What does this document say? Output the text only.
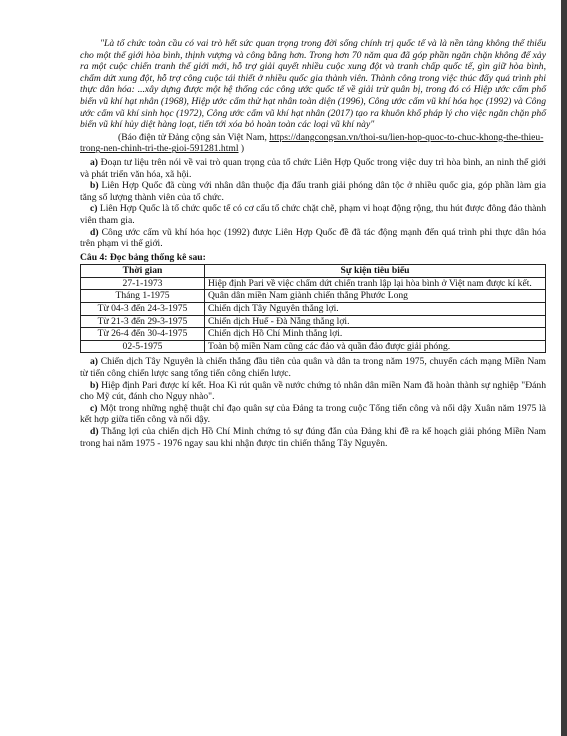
"Là tổ chức toàn cầu có vai trò hết sức quan trọng trong đời sống chính trị quốc tế và là nền tảng không thể thiếu cho một thế giới hòa bình, thịnh vượng và công bằng hơn. Trong hơn 70 năm qua đã góp phần ngăn chặn không để xảy ra một cuộc chiến tranh thế giới mới, hỗ trợ giải quyết nhiều cuộc xung đột và tranh chấp quốc tế, gìn giữ hòa bình, chấm dứt xung đột, hỗ trợ công cuộc tái thiết ở nhiều quốc gia thành viên. Thành công trong việc thúc đẩy quá trình phi thực dân hóa: ...xây dựng được một hệ thống các công ước quốc tế về giải trừ quân bị, trong đó có Hiệp ước cấm phổ biến vũ khí hạt nhân (1968), Hiệp ước cấm thử hạt nhân toàn diện (1996), Công ước cấm vũ khí hóa học (1992) và Công ước cấm vũ khí sinh học (1972), Công ước cấm vũ khí hạt nhân (2017) tạo ra khuôn khổ pháp lý cho việc ngăn chặn phổ biến vũ khí hủy diệt hàng loạt, tiến tới xóa bỏ hoàn toàn các loại vũ khí này"

(Báo điện tử Đảng cộng sản Việt Nam, https://dangcongsan.vn/thoi-su/lien-hop-quoc-to-chuc-khong-the-thieu-trong-nen-chinh-tri-the-gioi-591281.html )

a) Đoạn tư liệu trên nói về vai trò quan trọng của tổ chức Liên Hợp Quốc trong việc duy trì hòa bình, an ninh thế giới và phát triển văn hóa, xã hội.

b) Liên Hợp Quốc đã cùng với nhân dân thuộc địa đấu tranh giải phóng dân tộc ở nhiều quốc gia, góp phần làm gia tăng số lượng thành viên của tổ chức.

c) Liên Hợp Quốc là tổ chức quốc tế có cơ cấu tổ chức chặt chẽ, phạm vi hoạt động rộng, thu hút được đông đảo thành viên tham gia.

d) Công ước cấm vũ khí hóa học (1992) được Liên Hợp Quốc đề đã tác động mạnh đến quá trình phi thực dân hóa trên phạm vi thế giới.

Câu 4: Đọc bảng thống kê sau:
Thời gian	Sự kiện tiêu biểu
27-1-1973	Hiệp định Pari về việc chấm dứt chiến tranh lập lại hòa bình ở Việt nam được kí kết.
Tháng 1-1975	Quân dân miền Nam giành chiến thắng Phước Long
Từ 04-3 đến 24-3-1975	Chiến dịch Tây Nguyên thắng lợi.
Từ 21-3 đến 29-3-1975	Chiến dịch Huế - Đà Nẵng thắng lợi.
Từ 26-4 đến 30-4-1975	Chiến dịch Hồ Chí Minh thắng lợi.
02-5-1975	Toàn bộ miền Nam cũng các đảo và quần đảo được giải phóng.

a) Chiến dịch Tây Nguyên là chiến thắng đầu tiên của quân và dân ta trong năm 1975, chuyển cách mạng Miền Nam từ tiến công chiến lược sang tổng tiến công chiến lược.

b) Hiệp định Pari được kí kết. Hoa Kì rút quân về nước chứng tỏ nhân dân miền Nam đã hoàn thành sự nghiệp "Đánh cho Mỹ cút, đánh cho Ngụy nhào".

c) Một trong những nghệ thuật chỉ đạo quân sự của Đảng ta trong cuộc Tổng tiến công và nổi dậy Xuân năm 1975 là kết hợp giữa tiến công và nổi dậy.

d) Thắng lợi của chiến dịch Hồ Chí Minh chứng tỏ sự đúng đắn của Đảng khi đề ra kế hoạch giải phóng Miền Nam trong hai năm 1975 - 1976 ngay sau khi nhận được tin chiến thắng Tây Nguyên.
